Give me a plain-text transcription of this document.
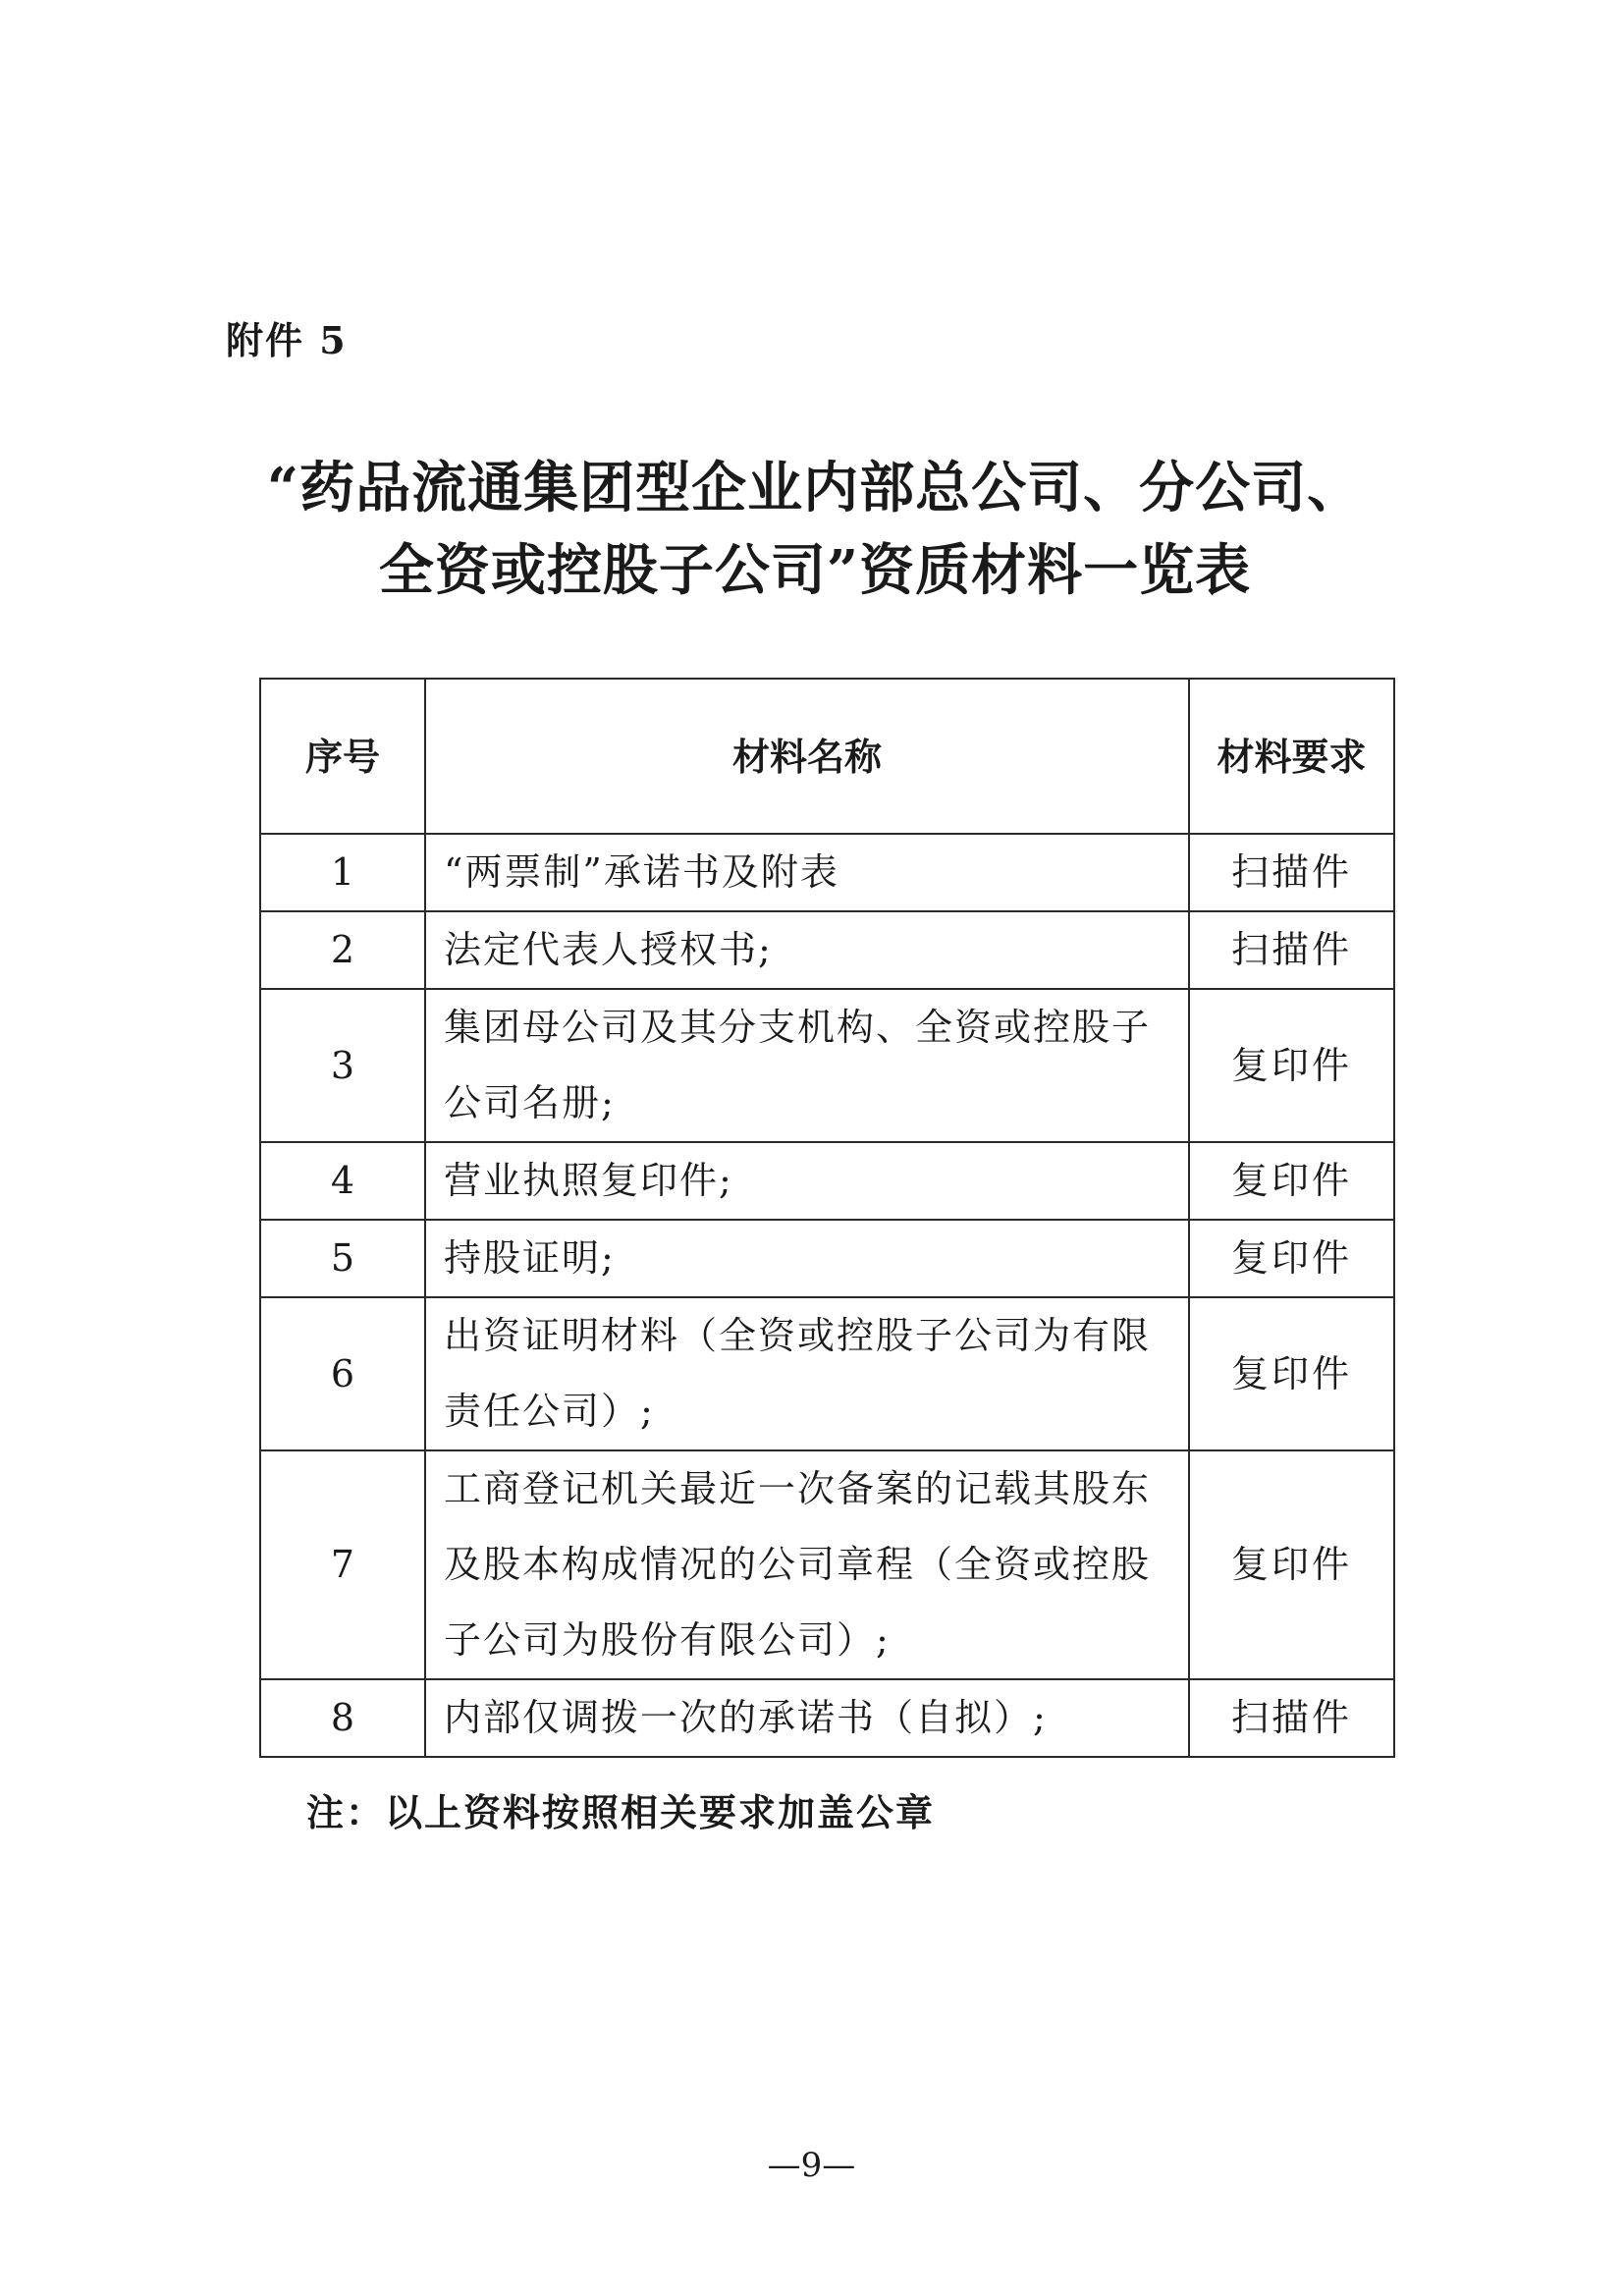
附件 5
“药品流通集团型企业内部总公司、分公司、
全资或控股子公司”资质材料一览表
序号	材料名称	材料要求
1	“两票制”承诺书及附表	扫描件
2	法定代表人授权书;	扫描件
3	集团母公司及其分支机构、全资或控股子公司名册;	复印件
4	营业执照复印件;	复印件
5	持股证明;	复印件
6	出资证明材料（全资或控股子公司为有限责任公司）;	复印件
7	工商登记机关最近一次备案的记载其股东及股本构成情况的公司章程（全资或控股子公司为股份有限公司）;	复印件
8	内部仅调拨一次的承诺书（自拟）;	扫描件
注：以上资料按照相关要求加盖公章
—9—
